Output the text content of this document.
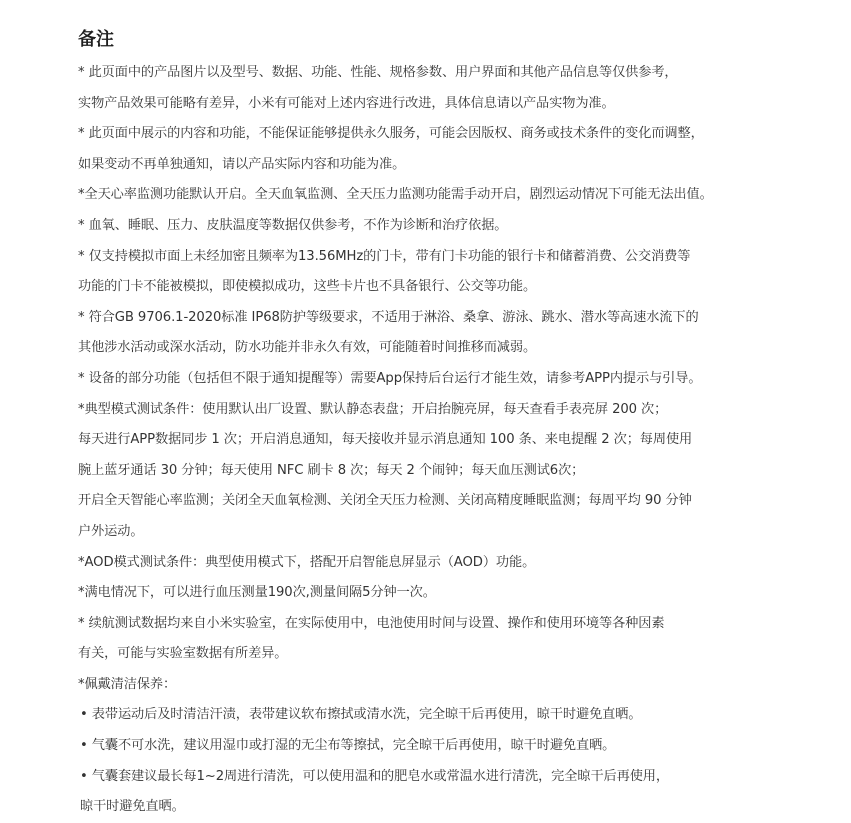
备注

* 此页面中的产品图片以及型号、数据、功能、性能、规格参数、用户界面和其他产品信息等仅供参考，
实物产品效果可能略有差异，小米有可能对上述内容进行改进，具体信息请以产品实物为准。

* 此页面中展示的内容和功能，不能保证能够提供永久服务，可能会因版权、商务或技术条件的变化而调整，
如果变动不再单独通知，请以产品实际内容和功能为准。

*全天心率监测功能默认开启。全天血氧监测、全天压力监测功能需手动开启，剧烈运动情况下可能无法出值。

* 血氧、睡眠、压力、皮肤温度等数据仅供参考，不作为诊断和治疗依据。

* 仅支持模拟市面上未经加密且频率为13.56MHz的门卡，带有门卡功能的银行卡和储蓄消费、公交消费等
功能的门卡不能被模拟，即使模拟成功，这些卡片也不具备银行、公交等功能。

* 符合GB 9706.1-2020标准 IP68防护等级要求，不适用于淋浴、桑拿、游泳、跳水、潜水等高速水流下的
其他涉水活动或深水活动，防水功能并非永久有效，可能随着时间推移而减弱。

* 设备的部分功能（包括但不限于通知提醒等）需要App保持后台运行才能生效，请参考APP内提示与引导。

*典型模式测试条件：使用默认出厂设置、默认静态表盘；开启抬腕亮屏，每天查看手表亮屏 200 次；
每天进行APP数据同步 1 次；开启消息通知，每天接收并显示消息通知 100 条、来电提醒 2 次；每周使用
腕上蓝牙通话 30 分钟；每天使用 NFC 刷卡 8 次；每天 2 个闹钟；每天血压测试6次；
开启全天智能心率监测；关闭全天血氧检测、关闭全天压力检测、关闭高精度睡眠监测；每周平均 90 分钟
户外运动。

*AOD模式测试条件：典型使用模式下，搭配开启智能息屏显示（AOD）功能。

*满电情况下，可以进行血压测量190次,测量间隔5分钟一次。

* 续航测试数据均来自小米实验室，在实际使用中，电池使用时间与设置、操作和使用环境等各种因素
有关，可能与实验室数据有所差异。

*佩戴清洁保养：

• 表带运动后及时清洁汗渍，表带建议软布擦拭或清水洗，完全晾干后再使用，晾干时避免直晒。

• 气囊不可水洗，建议用湿巾或打湿的无尘布等擦拭，完全晾干后再使用，晾干时避免直晒。

• 气囊套建议最长每1~2周进行清洗，可以使用温和的肥皂水或常温水进行清洗，完全晾干后再使用，
晾干时避免直晒。
